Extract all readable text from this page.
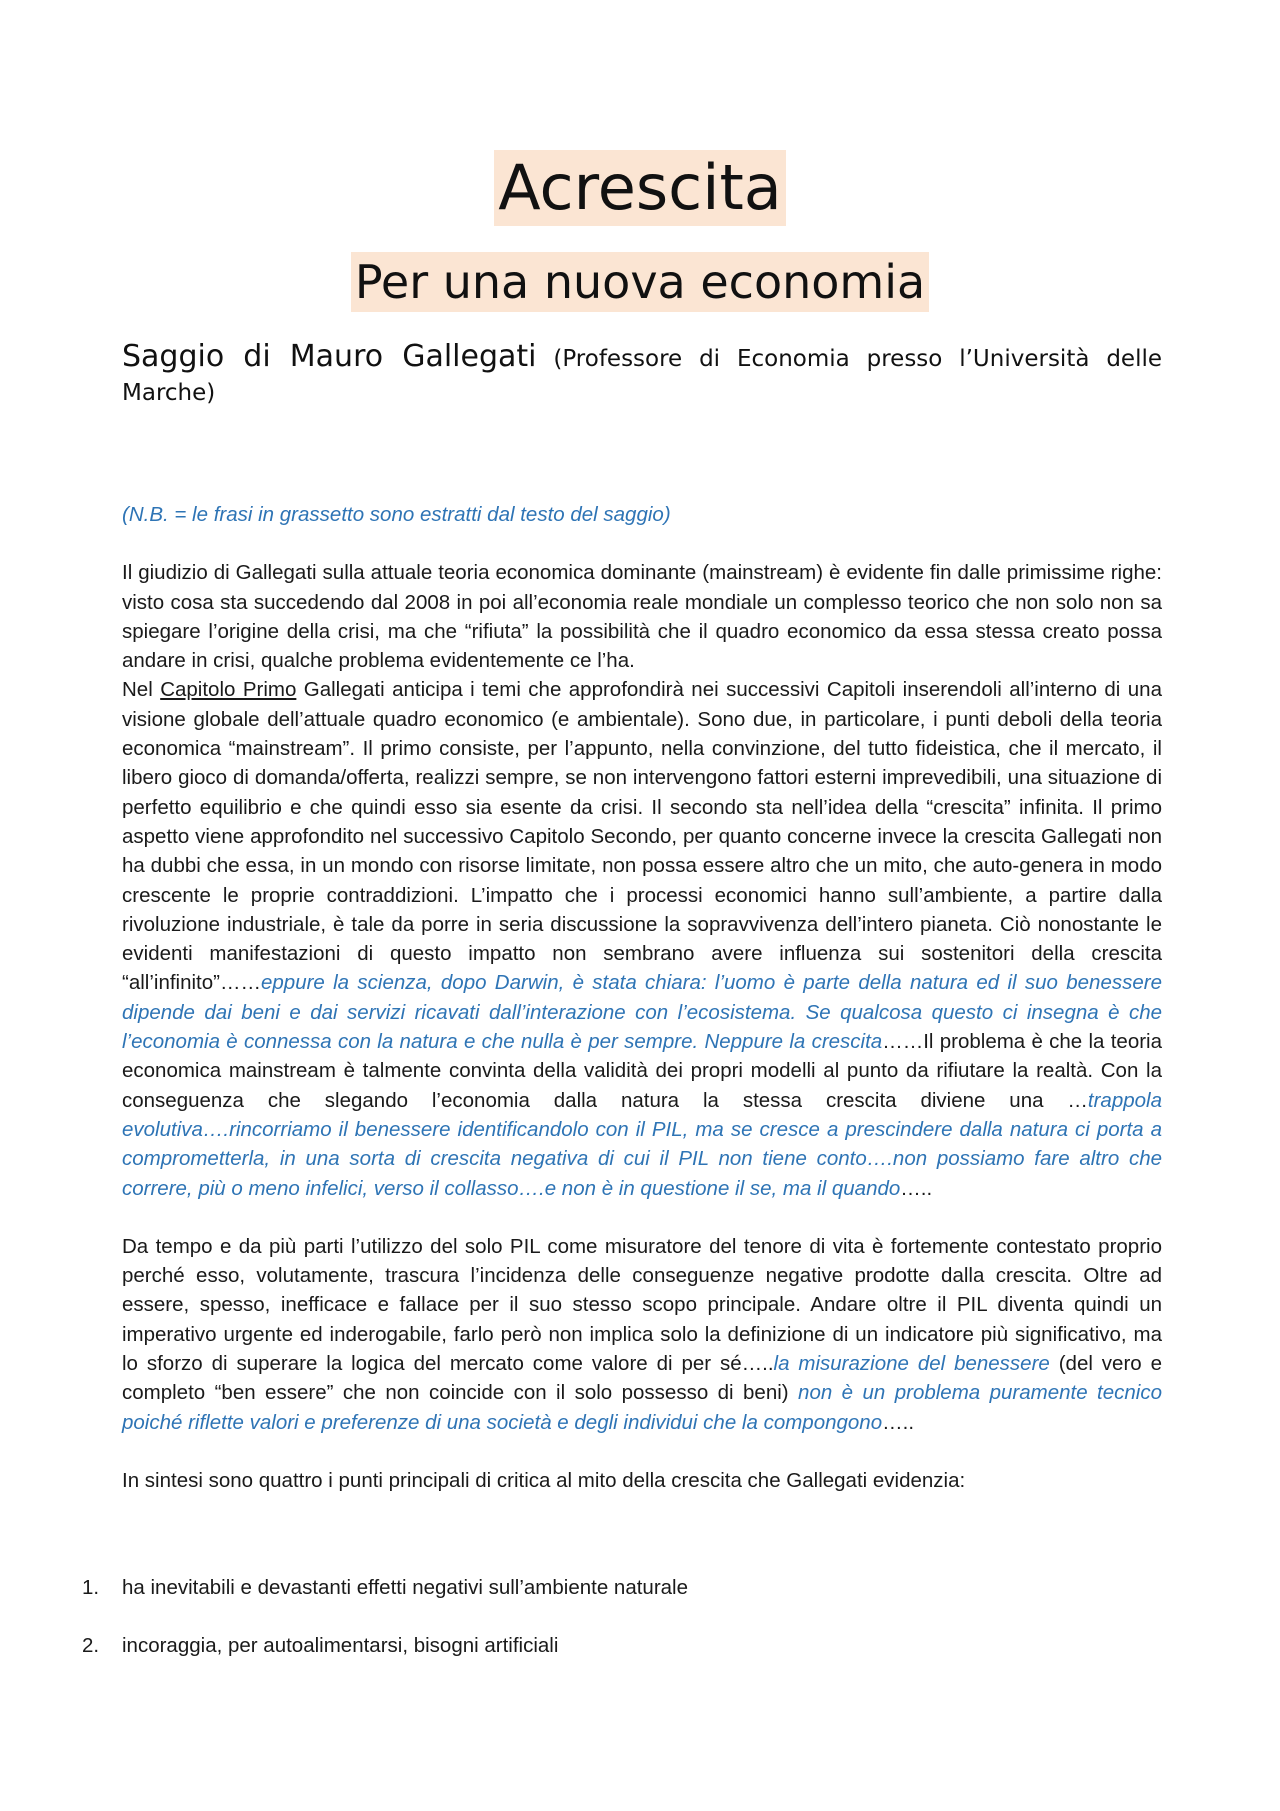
Acrescita
Per una nuova economia
Saggio di Mauro Gallegati (Professore di Economia presso l’Università delle Marche)

(N.B. = le frasi in grassetto sono estratti dal testo del saggio)

Il giudizio di Gallegati sulla attuale teoria economica dominante (mainstream) è evidente fin dalle primissime righe: visto cosa sta succedendo dal 2008 in poi all’economia reale mondiale un complesso teorico che non solo non sa spiegare l’origine della crisi, ma che “rifiuta” la possibilità che il quadro economico da essa stessa creato possa andare in crisi, qualche problema evidentemente ce l’ha.

Nel Capitolo Primo Gallegati anticipa i temi che approfondirà nei successivi Capitoli inserendoli all’interno di una visione globale dell’attuale quadro economico (e ambientale). Sono due, in particolare, i punti deboli della teoria economica “mainstream”. Il primo consiste, per l’appunto, nella convinzione, del tutto fideistica, che il mercato, il libero gioco di domanda/offerta, realizzi sempre, se non intervengono fattori esterni imprevedibili, una situazione di perfetto equilibrio e che quindi esso sia esente da crisi. Il secondo sta nell’idea della “crescita” infinita. Il primo aspetto viene approfondito nel successivo Capitolo Secondo, per quanto concerne invece la crescita Gallegati non ha dubbi che essa, in un mondo con risorse limitate, non possa essere altro che un mito, che auto-genera in modo crescente le proprie contraddizioni. L’impatto che i processi economici hanno sull’ambiente, a partire dalla rivoluzione industriale, è tale da porre in seria discussione la sopravvivenza dell’intero pianeta. Ciò nonostante le evidenti manifestazioni di questo impatto non sembrano avere influenza sui sostenitori della crescita “all’infinito”……eppure la scienza, dopo Darwin, è stata chiara: l’uomo è parte della natura ed il suo benessere dipende dai beni e dai servizi ricavati dall’interazione con l’ecosistema. Se qualcosa questo ci insegna è che l’economia è connessa con la natura e che nulla è per sempre. Neppure la crescita……Il problema è che la teoria economica mainstream è talmente convinta della validità dei propri modelli al punto da rifiutare la realtà. Con la conseguenza che slegando l’economia dalla natura la stessa crescita diviene una …trappola evolutiva….rincorriamo il benessere identificandolo con il PIL, ma se cresce a prescindere dalla natura ci porta a comprometterla, in una sorta di crescita negativa di cui il PIL non tiene conto….non possiamo fare altro che correre, più o meno infelici, verso il collasso….e non è in questione il se, ma il quando…..

Da tempo e da più parti l’utilizzo del solo PIL come misuratore del tenore di vita è fortemente contestato proprio perché esso, volutamente, trascura l’incidenza delle conseguenze negative prodotte dalla crescita. Oltre ad essere, spesso, inefficace e fallace per il suo stesso scopo principale. Andare oltre il PIL diventa quindi un imperativo urgente ed inderogabile, farlo però non implica solo la definizione di un indicatore più significativo, ma lo sforzo di superare la logica del mercato come valore di per sé…..la misurazione del benessere (del vero e completo “ben essere” che non coincide con il solo possesso di beni) non è un problema puramente tecnico poiché riflette valori e preferenze di una società e degli individui che la compongono…..

In sintesi sono quattro i punti principali di critica al mito della crescita che Gallegati evidenzia:

1. ha inevitabili e devastanti effetti negativi sull’ambiente naturale
2. incoraggia, per autoalimentarsi, bisogni artificiali
